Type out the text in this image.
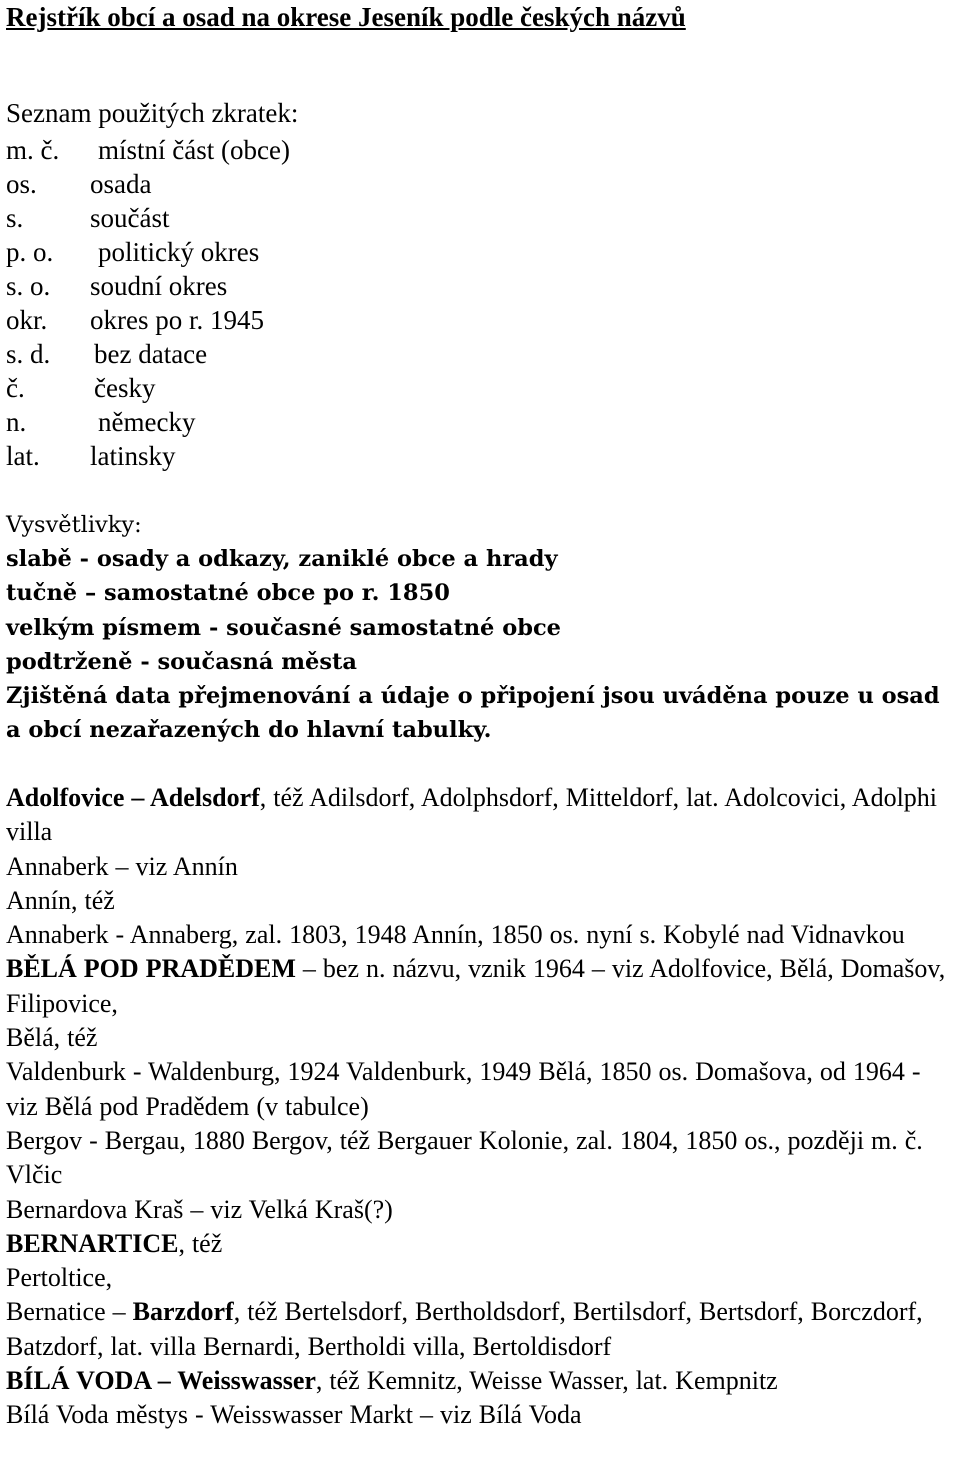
Rejstřík obcí a osad na okrese Jeseník podle českých názvů
Seznam použitých zkratek:
m. č. místní část (obce)
os. osada
s. součást
p. o. politický okres
s. o. soudní okres
okr. okres po r. 1945
s. d. bez datace
č.	česky
n.	německy
lat. latinsky
Vysvětlivky:
slabě - osady a odkazy, zaniklé obce a hrady
tučně – samostatné obce po r. 1850
velkým písmem - současné samostatné obce
podtrženě - současná města
Zjištěná data přejmenování a údaje o připojení jsou uváděna pouze u osad
a obcí nezařazených do hlavní tabulky.
Adolfovice – Adelsdorf, též Adilsdorf, Adolphsdorf, Mitteldorf, lat. Adolcovici, Adolphi villa
Annaberk – viz Annín
Annín, též
Annaberk - Annaberg, zal. 1803, 1948 Annín, 1850 os. nyní s. Kobylé nad Vidnavkou
BĚLÁ POD PRADĚDEM – bez n. názvu, vznik 1964 – viz Adolfovice, Bělá, Domašov, Filipovice,
Bělá, též
Valdenburk - Waldenburg, 1924 Valdenburk, 1949 Bělá, 1850 os. Domašova, od 1964 - viz Bělá pod Pradědem (v tabulce)
Bergov - Bergau, 1880 Bergov, též Bergauer Kolonie, zal. 1804, 1850 os., později m. č. Vlčic
Bernardova Kraš – viz Velká Kraš(?)
BERNARTICE, též
Pertoltice,
Bernatice – Barzdorf, též Bertelsdorf, Bertholdsdorf, Bertilsdorf, Bertsdorf, Borczdorf, Batzdorf, lat. villa Bernardi, Bertholdi villa, Bertoldisdorf
BÍLÁ VODA – Weisswasser, též Kemnitz, Weisse Wasser, lat. Kempnitz
Bílá Voda městys - Weisswasser Markt – viz Bílá Voda
